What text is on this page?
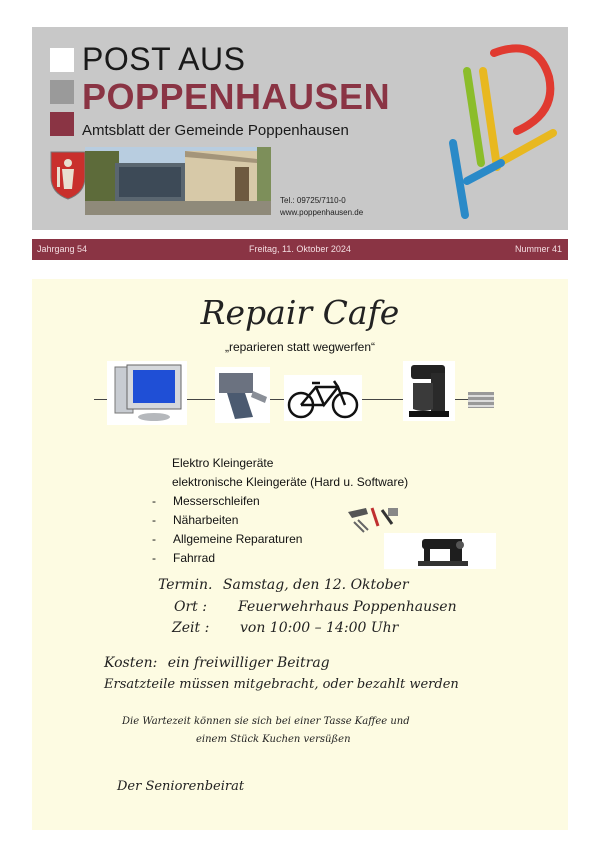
POST AUS
POPPENHAUSEN
Amtsblatt der Gemeinde Poppenhausen
Tel.: 09725/7110-0
www.poppenhausen.de
Freitag, 11. Oktober 2024
Jahrgang 54	Nummer 41
Repair Cafe
„reparieren statt wegwerfen“
Elektro Kleingeräte
elektronische Kleingeräte (Hard u. Software)
- Messerschleifen
- Näharbeiten
- Allgemeine Reparaturen
- Fahrrad
Termin. Samstag, den 12. Oktober
Ort : Feuerwehrhaus Poppenhausen
Zeit : von 10:00 – 14:00 Uhr
Kosten: ein freiwilliger Beitrag
Ersatzteile müssen mitgebracht, oder bezahlt werden
Die Wartezeit können sie sich bei einer Tasse Kaffee und
einem Stück Kuchen versüßen
Der Seniorenbeirat
